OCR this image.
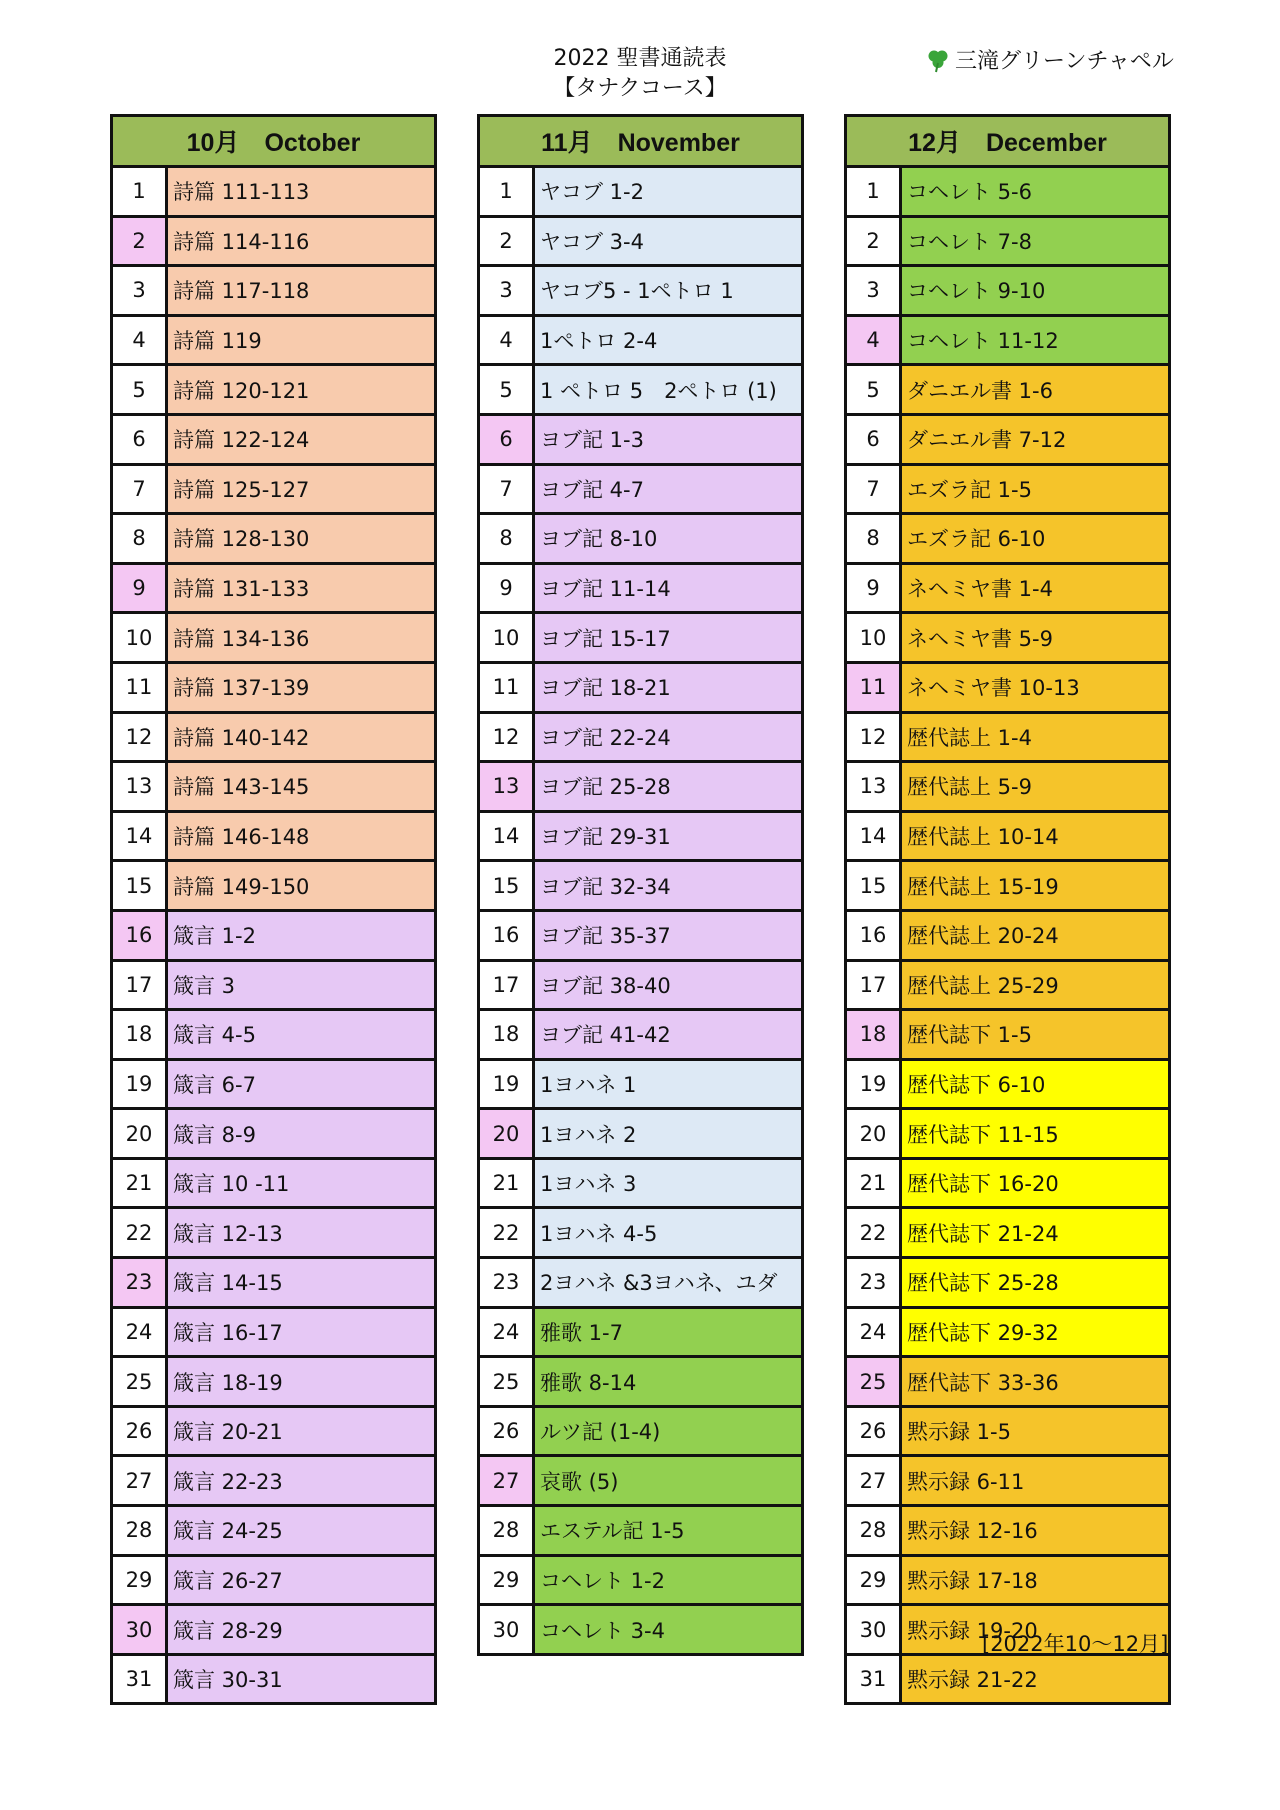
2022 聖書通読表
【タナクコース】
三滝グリーンチャペル
10月　October
1	詩篇 111-113
2	詩篇 114-116
3	詩篇 117-118
4	詩篇 119
5	詩篇 120-121
6	詩篇 122-124
7	詩篇 125-127
8	詩篇 128-130
9	詩篇 131-133
10 詩篇 134-136
11 詩篇 137-139
12 詩篇 140-142
13 詩篇 143-145
14 詩篇 146-148
15 詩篇 149-150
16 箴言 1-2
17 箴言 3
18 箴言 4-5
19 箴言 6-7
20 箴言 8-9
21 箴言 10 -11
22 箴言 12-13
23 箴言 14-15
24 箴言 16-17
25 箴言 18-19
26 箴言 20-21
27 箴言 22-23
28 箴言 24-25
29 箴言 26-27
30 箴言 28-29
31 箴言 30-31
11月　November
1	ヤコブ 1-2
2	ヤコブ 3-4
3	ヤコブ5 - 1ペトロ 1
4	1ペトロ 2-4
5	1 ペトロ 5　2ペトロ (1)
6	ヨブ記 1-3
7	ヨブ記 4-7
8	ヨブ記 8-10
9	ヨブ記 11-14
10 ヨブ記 15-17
11 ヨブ記 18-21
12 ヨブ記 22-24
13 ヨブ記 25-28
14 ヨブ記 29-31
15 ヨブ記 32-34
16 ヨブ記 35-37
17 ヨブ記 38-40
18 ヨブ記 41-42
19 1ヨハネ 1
20 1ヨハネ 2
21 1ヨハネ 3
22 1ヨハネ 4-5
23 2ヨハネ &3ヨハネ、ユダ
24 雅歌 1-7
25 雅歌 8-14
26 ルツ記 (1-4)
27 哀歌 (5)
28 エステル記 1-5
29 コヘレト 1-2
30 コヘレト 3-4
12月　December
1	コヘレト 5-6
2	コヘレト 7-8
3	コヘレト 9-10
4	コヘレト 11-12
5	ダニエル書 1-6
6	ダニエル書 7-12
7	エズラ記 1-5
8	エズラ記 6-10
9	ネヘミヤ書 1-4
10 ネヘミヤ書 5-9
11 ネヘミヤ書 10-13
12 歴代誌上 1-4
13 歴代誌上 5-9
14 歴代誌上 10-14
15 歴代誌上 15-19
16 歴代誌上 20-24
17 歴代誌上 25-29
18 歴代誌下 1-5
19 歴代誌下 6-10
20 歴代誌下 11-15
21 歴代誌下 16-20
22 歴代誌下 21-24
23 歴代誌下 25-28
24 歴代誌下 29-32
25 歴代誌下 33-36
26 黙示録 1-5
27 黙示録 6-11
28 黙示録 12-16
29 黙示録 17-18
30 黙示録 19-20
31 黙示録 21-22
[2022年10～12月]
